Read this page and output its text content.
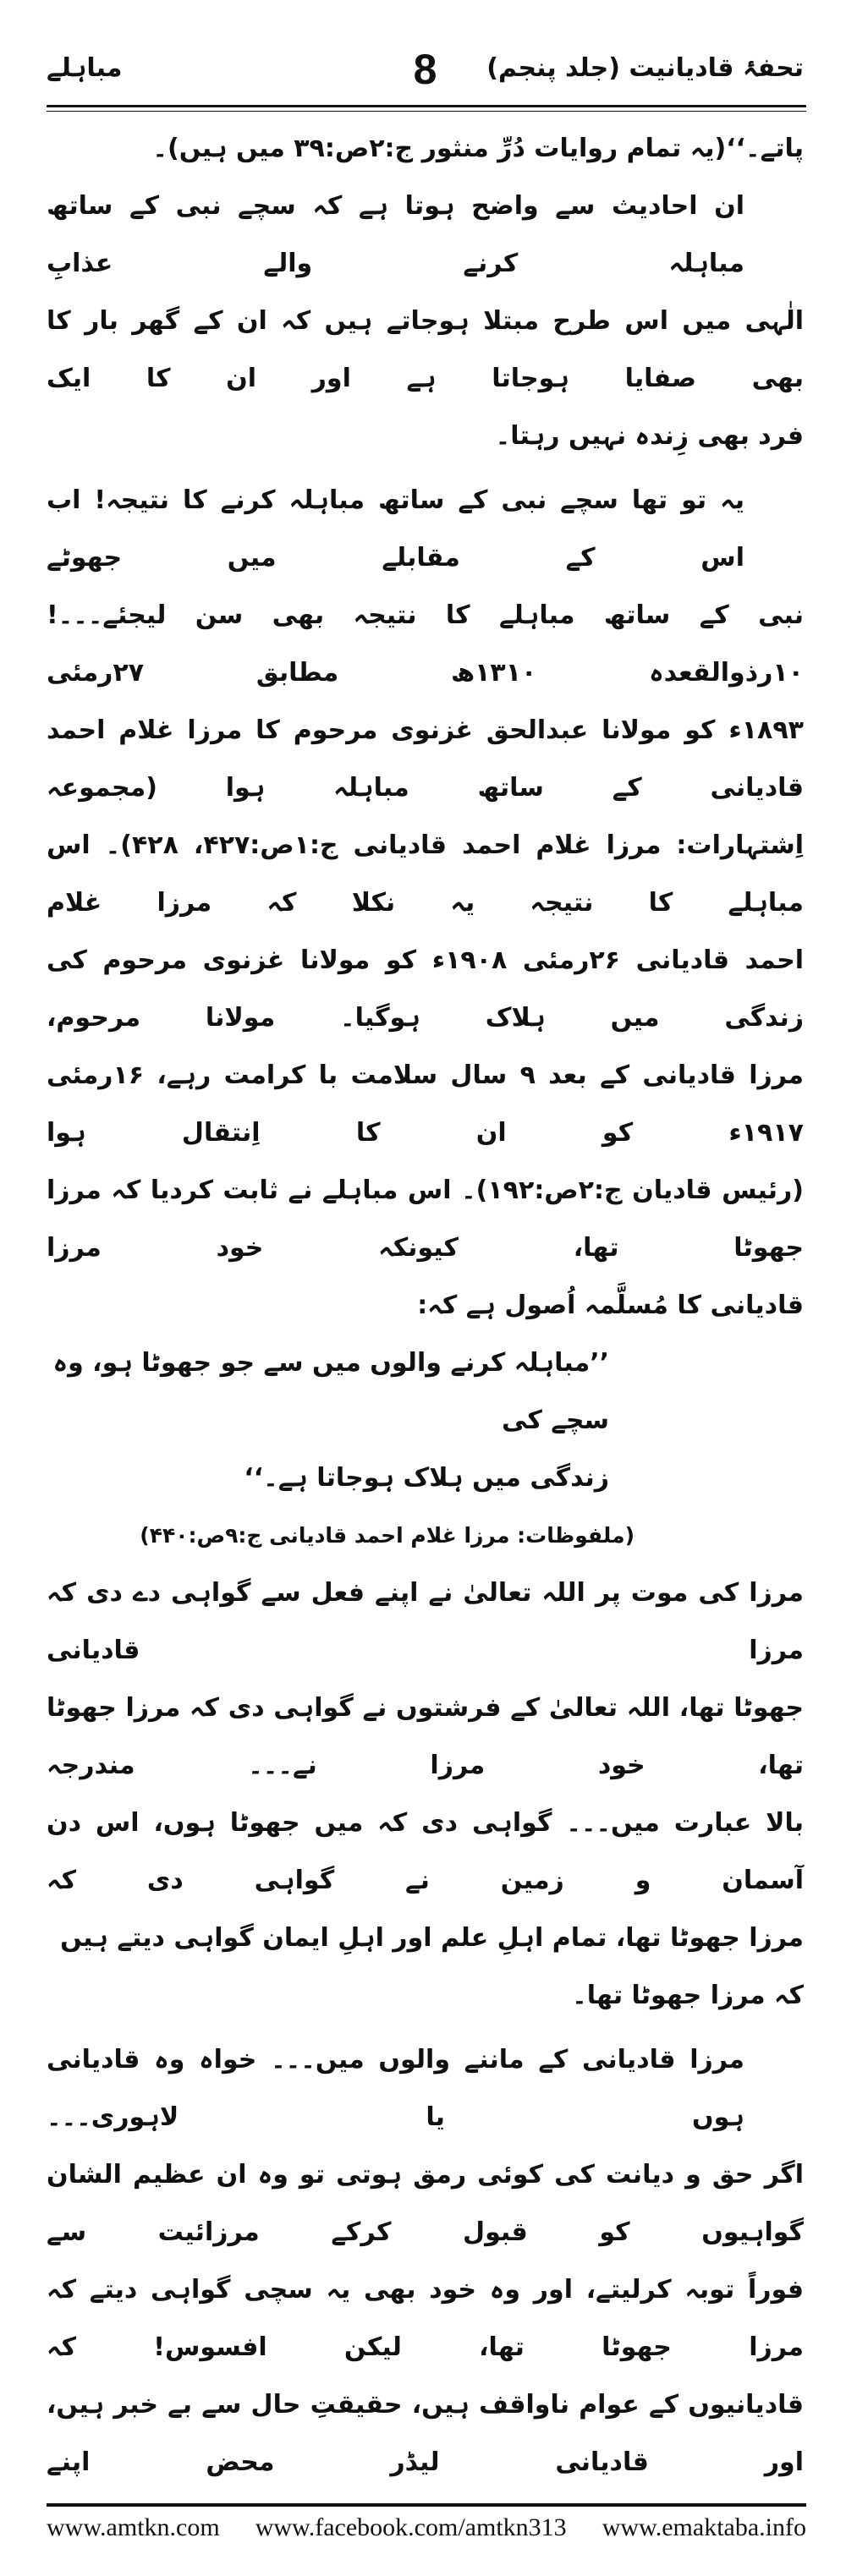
تحفۂ قادیانیت (جلد پنجم)
8
مباہلے
پاتے۔‘‘(یہ تمام روایات دُرِّ منثور ج:۲ص:۳۹ میں ہیں)۔
ان احادیث سے واضح ہوتا ہے کہ سچے نبی کے ساتھ مباہلہ کرنے والے عذابِ
الٰہی میں اس طرح مبتلا ہوجاتے ہیں کہ ان کے گھر بار کا بھی صفایا ہوجاتا ہے اور ان کا ایک
فرد بھی زِندہ نہیں رہتا۔
یہ تو تھا سچے نبی کے ساتھ مباہلہ کرنے کا نتیجہ! اب اس کے مقابلے میں جھوٹے
نبی کے ساتھ مباہلے کا نتیجہ بھی سن لیجئے۔۔۔! ۱۰رذوالقعدہ ۱۳۱۰ھ مطابق ۲۷رمئی
۱۸۹۳ء کو مولانا عبدالحق غزنوی مرحوم کا مرزا غلام احمد قادیانی کے ساتھ مباہلہ ہوا (مجموعہ
اِشتہارات: مرزا غلام احمد قادیانی ج:۱ص:۴۲۷، ۴۲۸)۔ اس مباہلے کا نتیجہ یہ نکلا کہ مرزا غلام
احمد قادیانی ۲۶رمئی ۱۹۰۸ء کو مولانا غزنوی مرحوم کی زندگی میں ہلاک ہوگیا۔ مولانا مرحوم،
مرزا قادیانی کے بعد ۹ سال سلامت با کرامت رہے، ۱۶رمئی ۱۹۱۷ء کو ان کا اِنتقال ہوا
(رئیس قادیان ج:۲ص:۱۹۲)۔ اس مباہلے نے ثابت کردیا کہ مرزا جھوٹا تھا، کیونکہ خود مرزا
قادیانی کا مُسلَّمہ اُصول ہے کہ:
’’مباہلہ کرنے والوں میں سے جو جھوٹا ہو، وہ سچے کی
زندگی میں ہلاک ہوجاتا ہے۔‘‘
(ملفوظات: مرزا غلام احمد قادیانی ج:۹ص:۴۴۰)
مرزا کی موت پر اللہ تعالیٰ نے اپنے فعل سے گواہی دے دی کہ مرزا قادیانی
جھوٹا تھا، اللہ تعالیٰ کے فرشتوں نے گواہی دی کہ مرزا جھوٹا تھا، خود مرزا نے۔۔۔ مندرجہ
بالا عبارت میں۔۔۔ گواہی دی کہ میں جھوٹا ہوں، اس دن آسمان و زمین نے گواہی دی کہ
مرزا جھوٹا تھا، تمام اہلِ علم اور اہلِ ایمان گواہی دیتے ہیں کہ مرزا جھوٹا تھا۔
مرزا قادیانی کے ماننے والوں میں۔۔۔ خواہ وہ قادیانی ہوں یا لاہوری۔۔۔
اگر حق و دیانت کی کوئی رمق ہوتی تو وہ ان عظیم الشان گواہیوں کو قبول کرکے مرزائیت سے
فوراً توبہ کرلیتے، اور وہ خود بھی یہ سچی گواہی دیتے کہ مرزا جھوٹا تھا، لیکن افسوس! کہ
قادیانیوں کے عوام ناواقف ہیں، حقیقتِ حال سے بے خبر ہیں، اور قادیانی لیڈر محض اپنے
www.amtkn.com www.facebook.com/amtkn313 www.emaktaba.info
